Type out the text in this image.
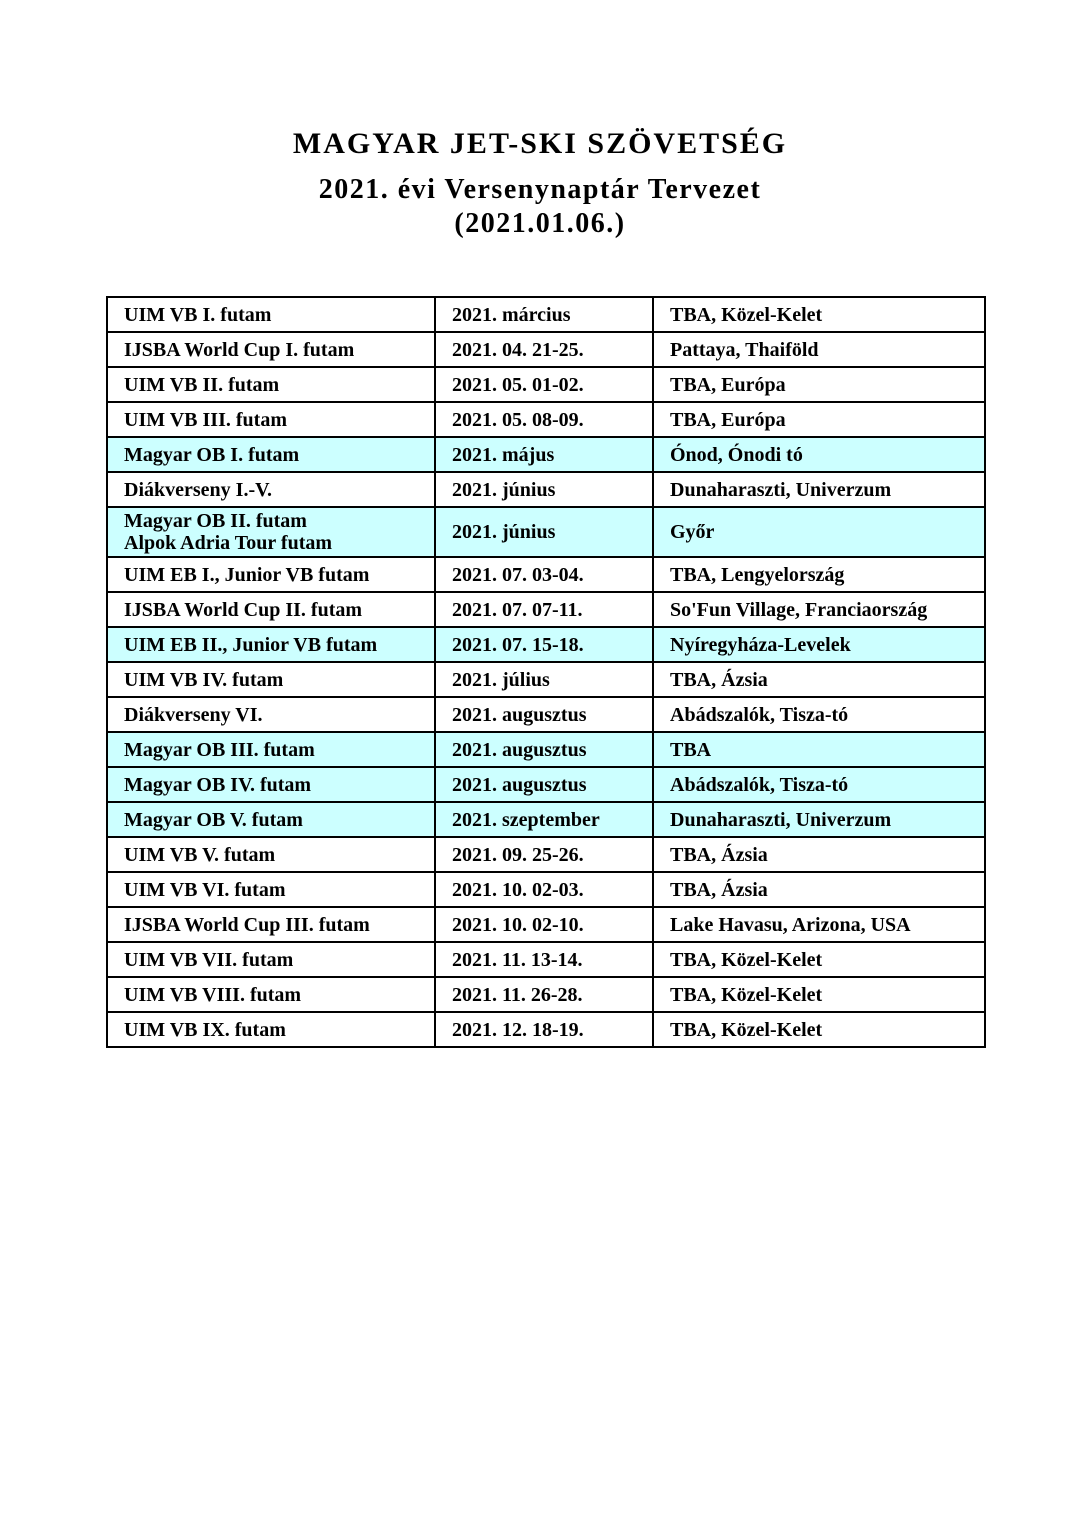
MAGYAR JET-SKI SZÖVETSÉG
2021. évi Versenynaptár Tervezet
(2021.01.06.)
UIM VB I. futam	2021. március	TBA, Közel-Kelet

IJSBA World Cup I. futam	2021. 04. 21-25.	Pattaya, Thaiföld

UIM VB II. futam	2021. 05. 01-02.	TBA, Európa

UIM VB III. futam	2021. 05. 08-09.	TBA, Európa

Magyar OB I. futam	2021. május	Ónod, Ónodi tó

Diákverseny I.-V.	2021. június	Dunaharaszti, Univerzum

Magyar OB II. futam
Alpok Adria Tour futam	2021. június	Győr

UIM EB I., Junior VB futam	2021. 07. 03-04.	TBA, Lengyelország

IJSBA World Cup II. futam	2021. 07. 07-11.	So'Fun Village, Franciaország

UIM EB II., Junior VB futam	2021. 07. 15-18.	Nyíregyháza-Levelek

UIM VB IV. futam	2021. július	TBA, Ázsia

Diákverseny VI.	2021. augusztus	Abádszalók, Tisza-tó

Magyar OB III. futam	2021. augusztus	TBA

Magyar OB IV. futam	2021. augusztus	Abádszalók, Tisza-tó

Magyar OB V. futam	2021. szeptember	Dunaharaszti, Univerzum

UIM VB V. futam	2021. 09. 25-26.	TBA, Ázsia

UIM VB VI. futam	2021. 10. 02-03.	TBA, Ázsia

IJSBA World Cup III. futam	2021. 10. 02-10.	Lake Havasu, Arizona, USA

UIM VB VII. futam	2021. 11. 13-14.	TBA, Közel-Kelet

UIM VB VIII. futam	2021. 11. 26-28.	TBA, Közel-Kelet

UIM VB IX. futam	2021. 12. 18-19.	TBA, Közel-Kelet
